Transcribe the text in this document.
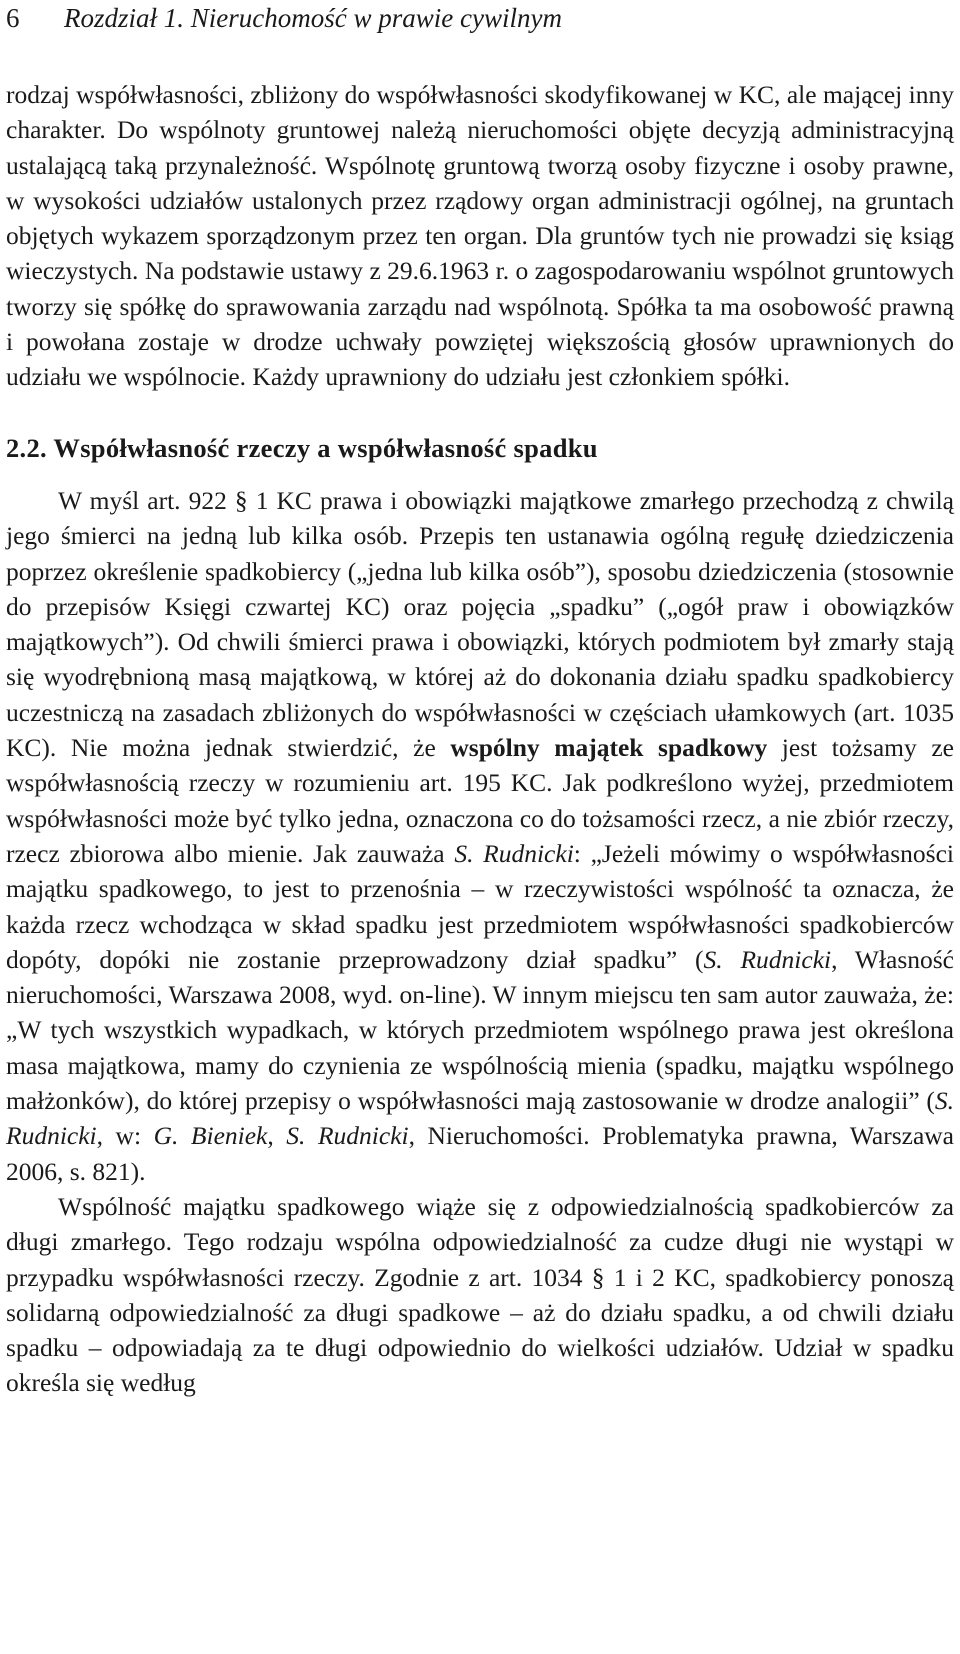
6 Rozdział 1. Nieruchomość w prawie cywilnym

rodzaj współwłasności, zbliżony do współwłasności skodyfikowanej w KC, ale mającej inny charakter. Do wspólnoty gruntowej należą nieruchomości objęte decyzją administracyjną ustalającą taką przynależność. Wspólnotę gruntową tworzą osoby fizyczne i osoby prawne, w wysokości udziałów ustalonych przez rządowy organ administracji ogólnej, na gruntach objętych wykazem sporządzonym przez ten organ. Dla gruntów tych nie prowadzi się ksiąg wieczystych. Na podstawie ustawy z 29.6.1963 r. o zagospodarowaniu wspólnot gruntowych tworzy się spółkę do sprawowania zarządu nad wspólnotą. Spółka ta ma osobowość prawną i powołana zostaje w drodze uchwały powziętej większością głosów uprawnionych do udziału we wspólnocie. Każdy uprawniony do udziału jest członkiem spółki.

2.2. Współwłasność rzeczy a współwłasność spadku

W myśl art. 922 § 1 KC prawa i obowiązki majątkowe zmarłego przechodzą z chwilą jego śmierci na jedną lub kilka osób. Przepis ten ustanawia ogólną regułę dziedziczenia poprzez określenie spadkobiercy („jedna lub kilka osób”), sposobu dziedziczenia (stosownie do przepisów Księgi czwartej KC) oraz pojęcia „spadku” („ogół praw i obowiązków majątkowych”). Od chwili śmierci prawa i obowiązki, których podmiotem był zmarły stają się wyodrębnioną masą majątkową, w której aż do dokonania działu spadku spadkobiercy uczestniczą na zasadach zbliżonych do współwłasności w częściach ułamkowych (art. 1035 KC). Nie można jednak stwierdzić, że wspólny majątek spadkowy jest tożsamy ze współwłasnością rzeczy w rozumieniu art. 195 KC. Jak podkreślono wyżej, przedmiotem współwłasności może być tylko jedna, oznaczona co do tożsamości rzecz, a nie zbiór rzeczy, rzecz zbiorowa albo mienie. Jak zauważa S. Rudnicki: „Jeżeli mówimy o współwłasności majątku spadkowego, to jest to przenośnia – w rzeczywistości wspólność ta oznacza, że każda rzecz wchodząca w skład spadku jest przedmiotem współwłasności spadkobierców dopóty, dopóki nie zostanie przeprowadzony dział spadku” (S. Rudnicki, Własność nieruchomości, Warszawa 2008, wyd. on-line). W innym miejscu ten sam autor zauważa, że: „W tych wszystkich wypadkach, w których przedmiotem wspólnego prawa jest określona masa majątkowa, mamy do czynienia ze wspólnością mienia (spadku, majątku wspólnego małżonków), do której przepisy o współwłasności mają zastosowanie w drodze analogii” (S. Rudnicki, w: G. Bieniek, S. Rudnicki, Nieruchomości. Problematyka prawna, Warszawa 2006, s. 821).

Wspólność majątku spadkowego wiąże się z odpowiedzialnością spadkobierców za długi zmarłego. Tego rodzaju wspólna odpowiedzialność za cudze długi nie wystąpi w przypadku współwłasności rzeczy. Zgodnie z art. 1034 § 1 i 2 KC, spadkobiercy ponoszą solidarną odpowiedzialność za długi spadkowe – aż do działu spadku, a od chwili działu spadku – odpowiadają za te długi odpowiednio do wielkości udziałów. Udział w spadku określa się według
